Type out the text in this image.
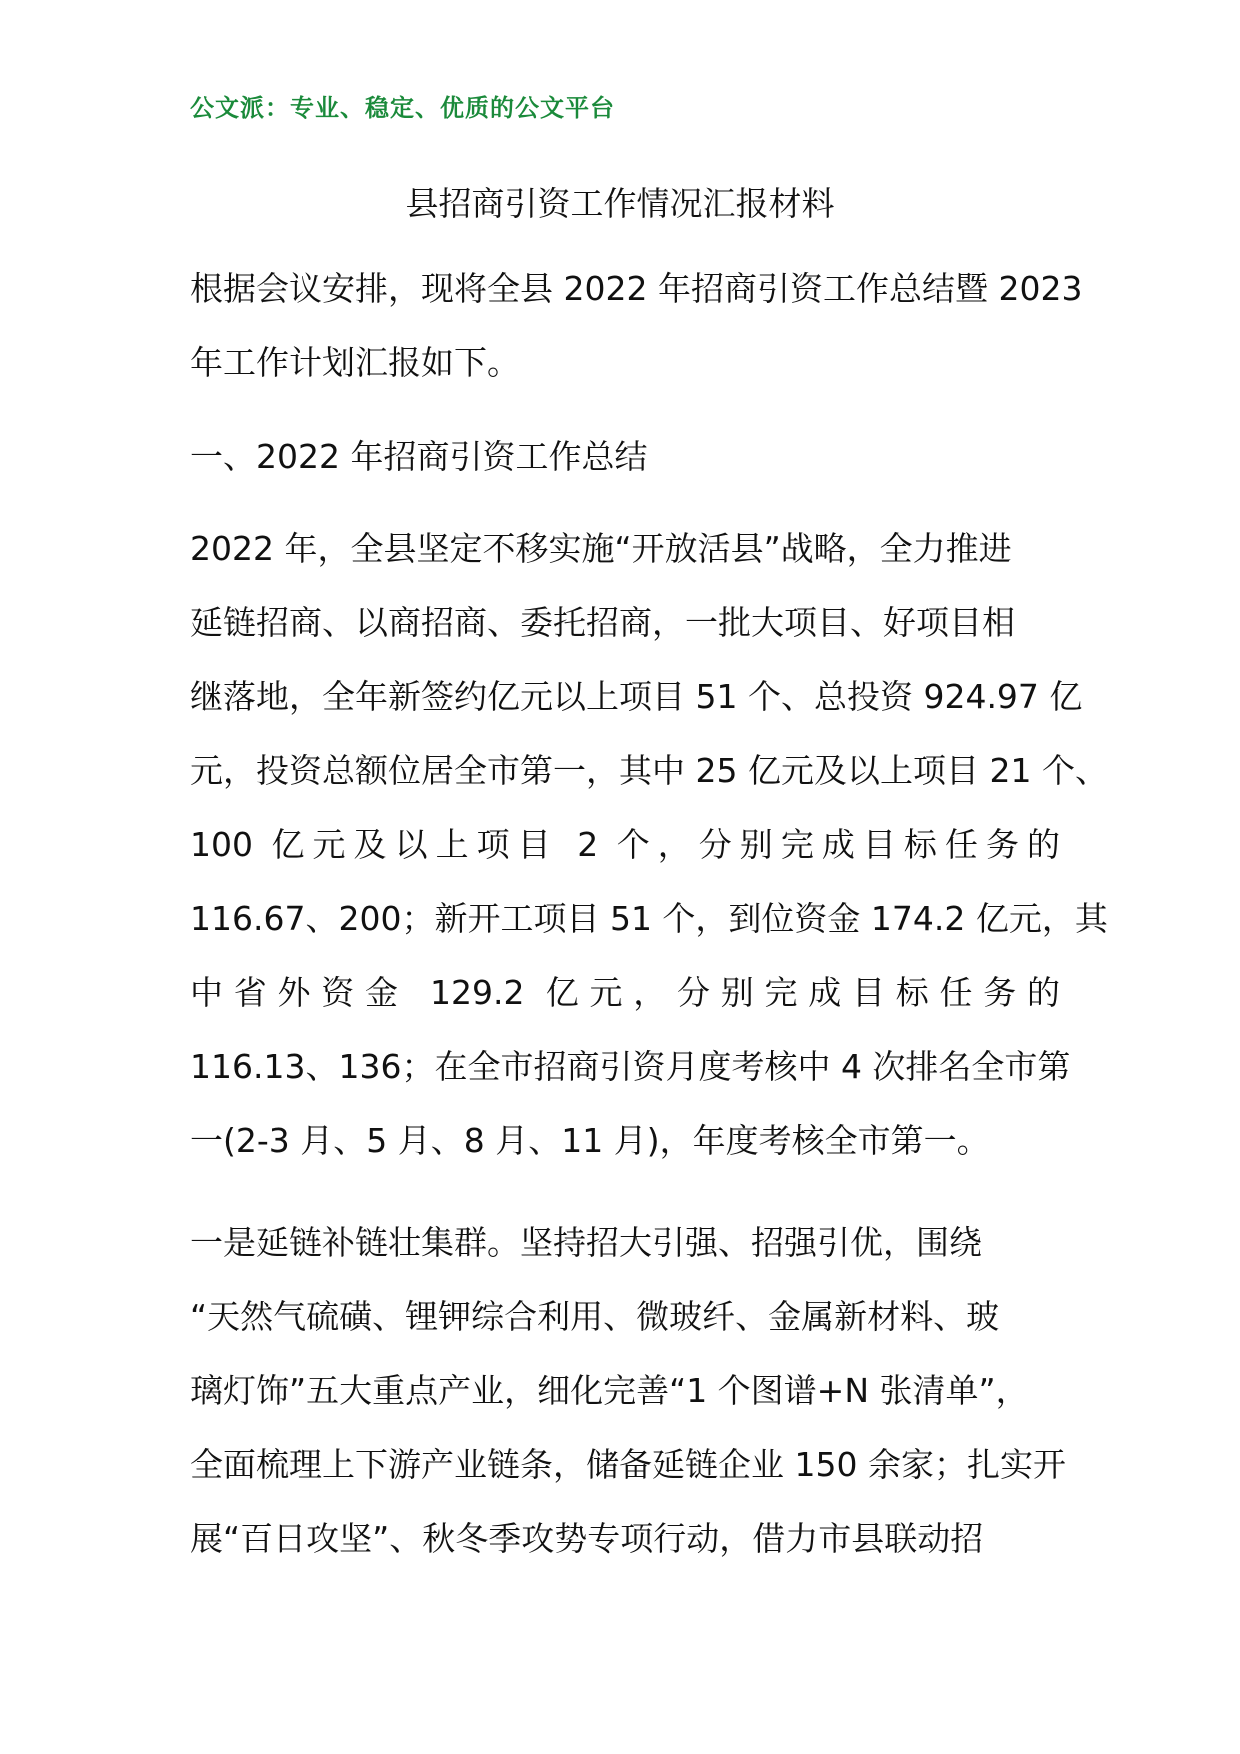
公文派：专业、稳定、优质的公文平台
县招商引资工作情况汇报材料
根据会议安排，现将全县 2022 年招商引资工作总结暨 2023
年工作计划汇报如下。
一、2022 年招商引资工作总结
2022 年，全县坚定不移实施“开放活县”战略，全力推进
延链招商、以商招商、委托招商，一批大项目、好项目相
继落地，全年新签约亿元以上项目 51 个、总投资 924.97 亿
元，投资总额位居全市第一，其中 25 亿元及以上项目 21 个、
100 亿元及以上项目 2 个，分别完成目标任务的
116.67、200；新开工项目 51 个，到位资金 174.2 亿元，其
中省外资金 129.2 亿元，分别完成目标任务的
116.13、136；在全市招商引资月度考核中 4 次排名全市第
一(2-3 月、5 月、8 月、11 月)，年度考核全市第一。
一是延链补链壮集群。坚持招大引强、招强引优，围绕
“天然气硫磺、锂钾综合利用、微玻纤、金属新材料、玻
璃灯饰”五大重点产业，细化完善“1 个图谱+N 张清单”，
全面梳理上下游产业链条，储备延链企业 150 余家；扎实开
展“百日攻坚”、秋冬季攻势专项行动，借力市县联动招
